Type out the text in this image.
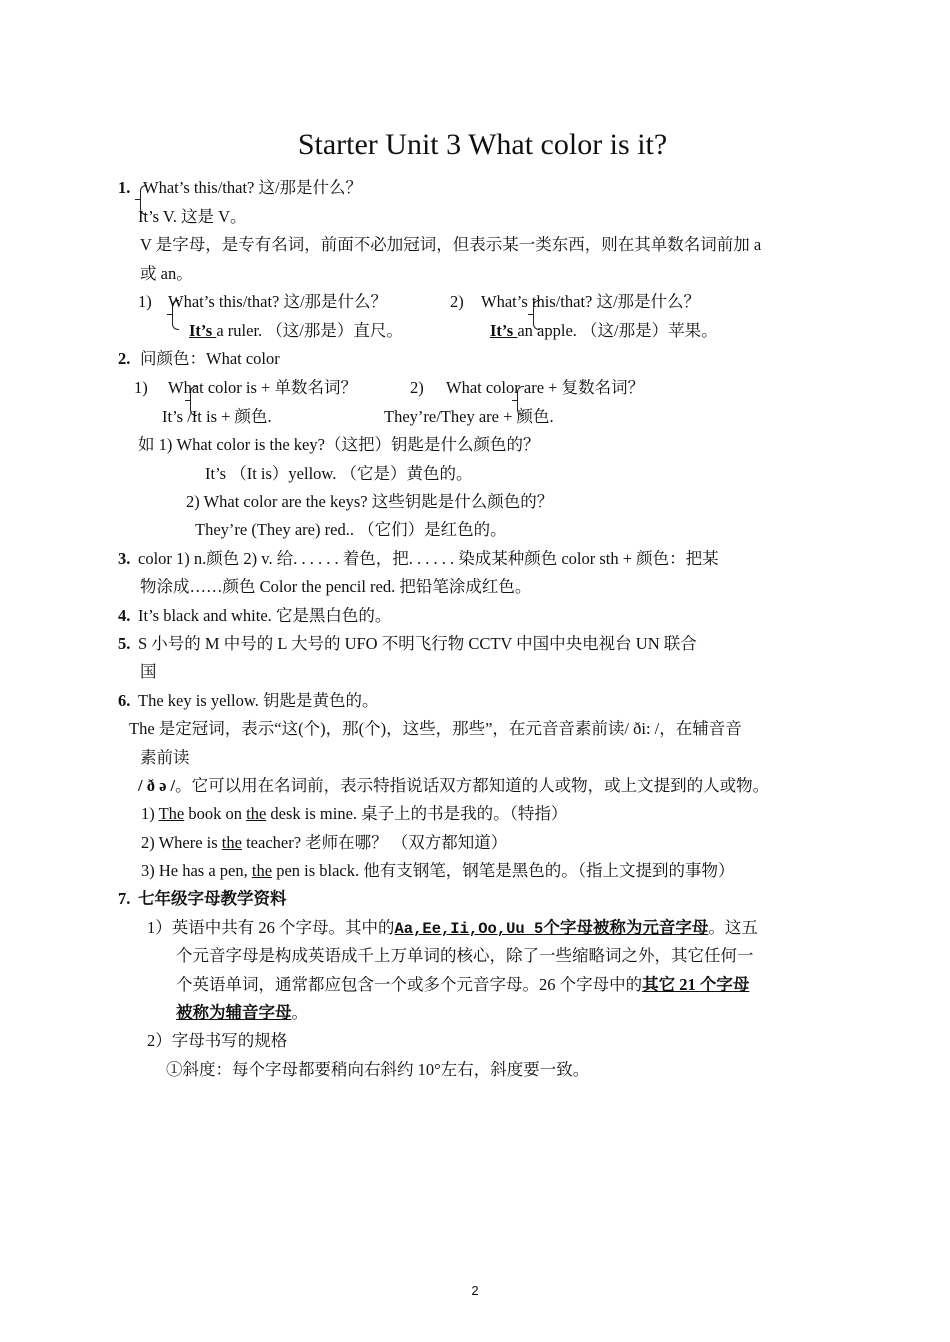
Starter Unit 3 What color is it?
1. What’s this/that? 这/那是什么？
It’s V. 这是 V。
V 是字母，是专有名词，前面不必加冠词，但表示某一类东西，则在其单数名词前加 a
或 an。
1) What’s this/that? 这/那是什么？
It’s a ruler. （这/那是）直尺。
2) What’s this/that? 这/那是什么？
It’s an apple. （这/那是）苹果。
2. 问颜色：What color
1) What color is + 单数名词？
It’s /It is + 颜色.
2) What color are + 复数名词？
They’re/They are + 颜色.
如 1) What color is the key?（这把）钥匙是什么颜色的？
It’s （It is）yellow. （它是）黄色的。
2) What color are the keys? 这些钥匙是什么颜色的？
They’re (They are) red.. （它们）是红色的。
3. color 1) n.颜色 2) v. 给. . . . . . 着色，把. . . . . . 染成某种颜色 color sth + 颜色：把某
物涂成……颜色 Color the pencil red. 把铅笔涂成红色。
4. It’s black and white. 它是黑白色的。
5. S 小号的 M 中号的 L 大号的 UFO 不明飞行物 CCTV 中国中央电视台 UN 联合
国
6. The key is yellow. 钥匙是黄色的。
The 是定冠词，表示“这(个)，那(个)，这些，那些”，在元音音素前读/ ði: /，在辅音音
素前读
/ ð ə /。它可以用在名词前，表示特指说话双方都知道的人或物，或上文提到的人或物。
1) The book on the desk is mine. 桌子上的书是我的。（特指）
2) Where is the teacher? 老师在哪？ （双方都知道）
3) He has a pen, the pen is black. 他有支钢笔，钢笔是黑色的。（指上文提到的事物）
7. 七年级字母教学资料
1）英语中共有 26 个字母。其中的Aa,Ee,Ii,Oo,Uu 5个字母被称为元音字母。这五
个元音字母是构成英语成千上万单词的核心，除了一些缩略词之外，其它任何一
个英语单词，通常都应包含一个或多个元音字母。26 个字母中的其它 21 个字母
被称为辅音字母。
2）字母书写的规格
①斜度：每个字母都要稍向右斜约 10°左右，斜度要一致。
2
